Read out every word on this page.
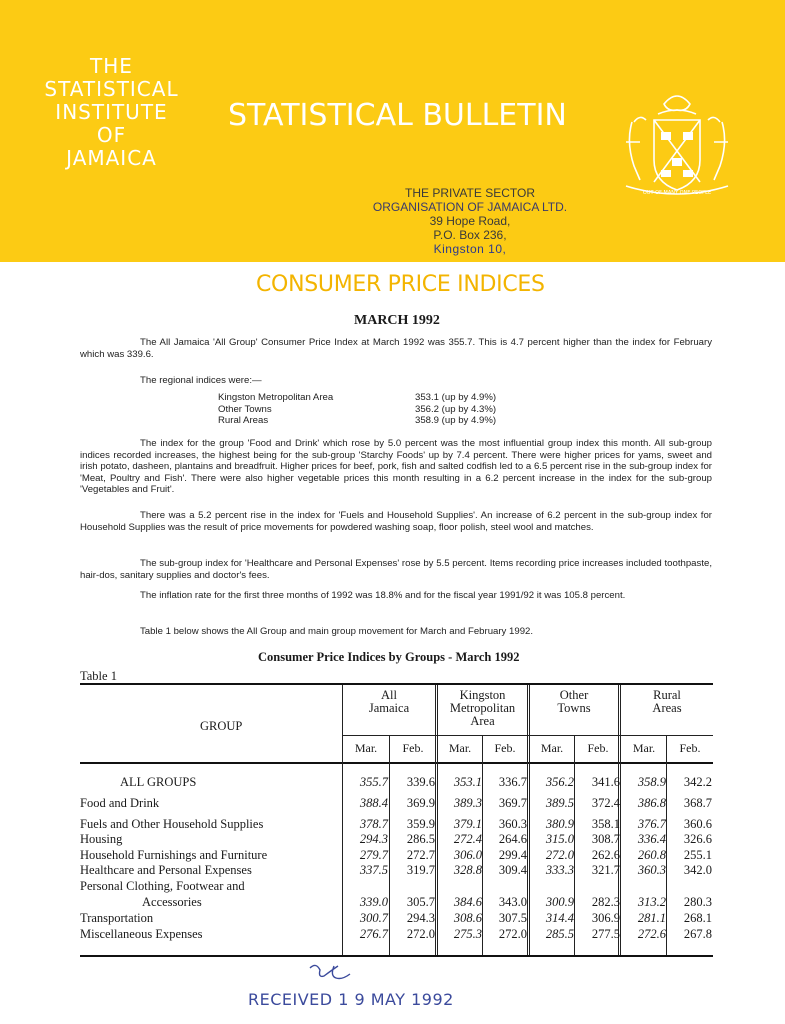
THE
STATISTICAL
INSTITUTE
OF
JAMAICA
STATISTICAL BULLETIN
OUT OF MANY ONE PEOPLE
THE PRIVATE SECTOR
ORGANISATION OF JAMAICA LTD.
39 Hope Road,
P.O. Box 236,
Kingston 10,
CONSUMER PRICE INDICES
MARCH 1992
The All Jamaica 'All Group' Consumer Price Index at March 1992 was 355.7. This is 4.7 percent higher than the index for February which was 339.6.
The regional indices were:—
Kingston Metropolitan Area	353.1 (up by 4.9%)
Other Towns	356.2 (up by 4.3%)
Rural Areas	358.9 (up by 4.9%)
The index for the group 'Food and Drink' which rose by 5.0 percent was the most influential group index this month. All sub-group indices recorded increases, the highest being for the sub-group 'Starchy Foods' up by 7.4 percent. There were higher prices for yams, sweet and irish potato, dasheen, plantains and breadfruit. Higher prices for beef, pork, fish and salted codfish led to a 6.5 percent rise in the sub-group index for 'Meat, Poultry and Fish'. There were also higher vegetable prices this month resulting in a 6.2 percent increase in the index for the sub-group 'Vegetables and Fruit'.
There was a 5.2 percent rise in the index for 'Fuels and Household Supplies'. An increase of 6.2 percent in the sub-group index for Household Supplies was the result of price movements for powdered washing soap, floor polish, steel wool and matches.
The sub-group index for 'Healthcare and Personal Expenses' rose by 5.5 percent. Items recording price increases included toothpaste, hair-dos, sanitary supplies and doctor's fees.
The inflation rate for the first three months of 1992 was 18.8% and for the fiscal year 1991/92 it was 105.8 percent.
Table 1 below shows the All Group and main group movement for March and February 1992.
Consumer Price Indices by Groups - March 1992
Table 1
GROUP
All
Jamaica
Kingston
Metropolitan
Area
Other
Towns
Rural
Areas
Mar.	Feb.	Mar.	Feb.	Mar.	Feb.	Mar.	Feb.
ALL GROUPS	355.7	339.6	353.1	336.7	356.2	341.6	358.9	342.2
Food and Drink	388.4	369.9	389.3	369.7	389.5	372.4	386.8	368.7
Fuels and Other Household Supplies	378.7	359.9	379.1	360.3	380.9	358.1	376.7	360.6
Housing	294.3	286.5	272.4	264.6	315.0	308.7	336.4	326.6
Household Furnishings and Furniture	279.7	272.7	306.0	299.4	272.0	262.6	260.8	255.1
Healthcare and Personal Expenses	337.5	319.7	328.8	309.4	333.3	321.7	360.3	342.0
Personal Clothing, Footwear and
Accessories	339.0	305.7	384.6	343.0	300.9	282.3	313.2	280.3
Transportation	300.7	294.3	308.6	307.5	314.4	306.9	281.1	268.1
Miscellaneous Expenses	276.7	272.0	275.3	272.0	285.5	277.5	272.6	267.8
RECEIVED 1 9 MAY 1992
